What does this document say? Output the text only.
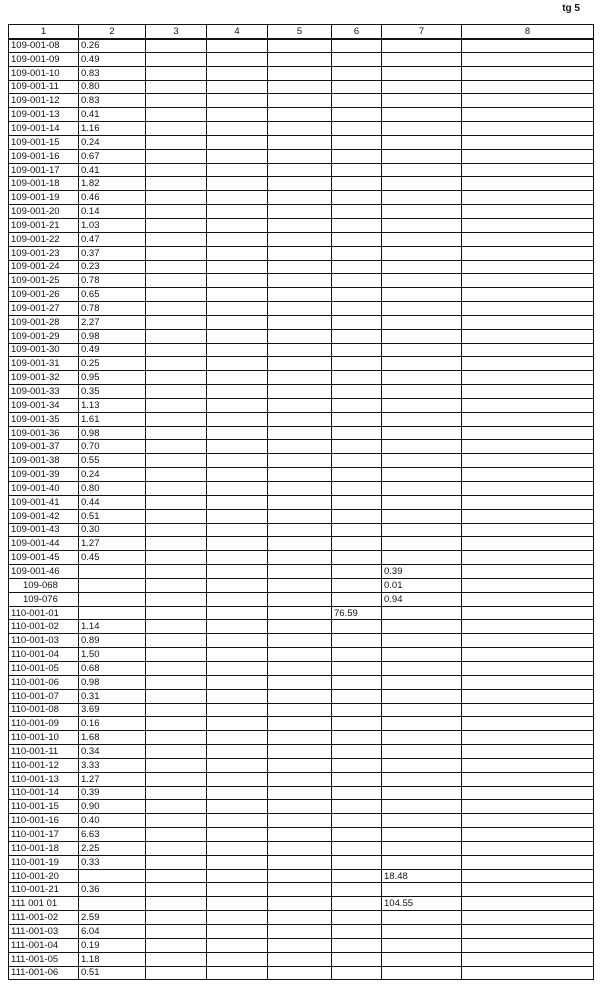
tg 5
1	2	3	4	5	6	7	8
109-001-08	0.26						
109-001-09	0.49						
109-001-10	0.83						
109-001-11	0.80						
109-001-12	0.83						
109-001-13	0.41						
109-001-14	1.16						
109-001-15	0.24						
109-001-16	0.67						
109-001-17	0.41						
109-001-18	1.82						
109-001-19	0.46						
109-001-20	0.14						
109-001-21	1.03						
109-001-22	0.47						
109-001-23	0.37						
109-001-24	0.23						
109-001-25	0.78						
109-001-26	0.65						
109-001-27	0.78						
109-001-28	2.27						
109-001-29	0.98						
109-001-30	0.49						
109-001-31	0.25						
109-001-32	0.95						
109-001-33	0.35						
109-001-34	1.13						
109-001-35	1.61						
109-001-36	0.98						
109-001-37	0.70						
109-001-38	0.55						
109-001-39	0.24						
109-001-40	0.80						
109-001-41	0.44						
109-001-42	0.51						
109-001-43	0.30						
109-001-44	1.27						
109-001-45	0.45						
109-001-46						0.39	
109-068						0.01	
109-076						0.94	
110-001-01					76.59		
110-001-02	1.14						
110-001-03	0.89						
110-001-04	1.50						
110-001-05	0.68						
110-001-06	0.98						
110-001-07	0.31						
110-001-08	3.69						
110-001-09	0.16						
110-001-10	1.68						
110-001-11	0.34						
110-001-12	3.33						
110-001-13	1.27						
110-001-14	0.39						
110-001-15	0.90						
110-001-16	0.40						
110-001-17	6.63						
110-001-18	2.25						
110-001-19	0.33						
110-001-20						18.48	
110-001-21	0.36						
111 001 01						104.55	
111-001-02	2.59						
111-001-03	6.04						
111-001-04	0.19						
111-001-05	1.18						
111-001-06	0.51						
